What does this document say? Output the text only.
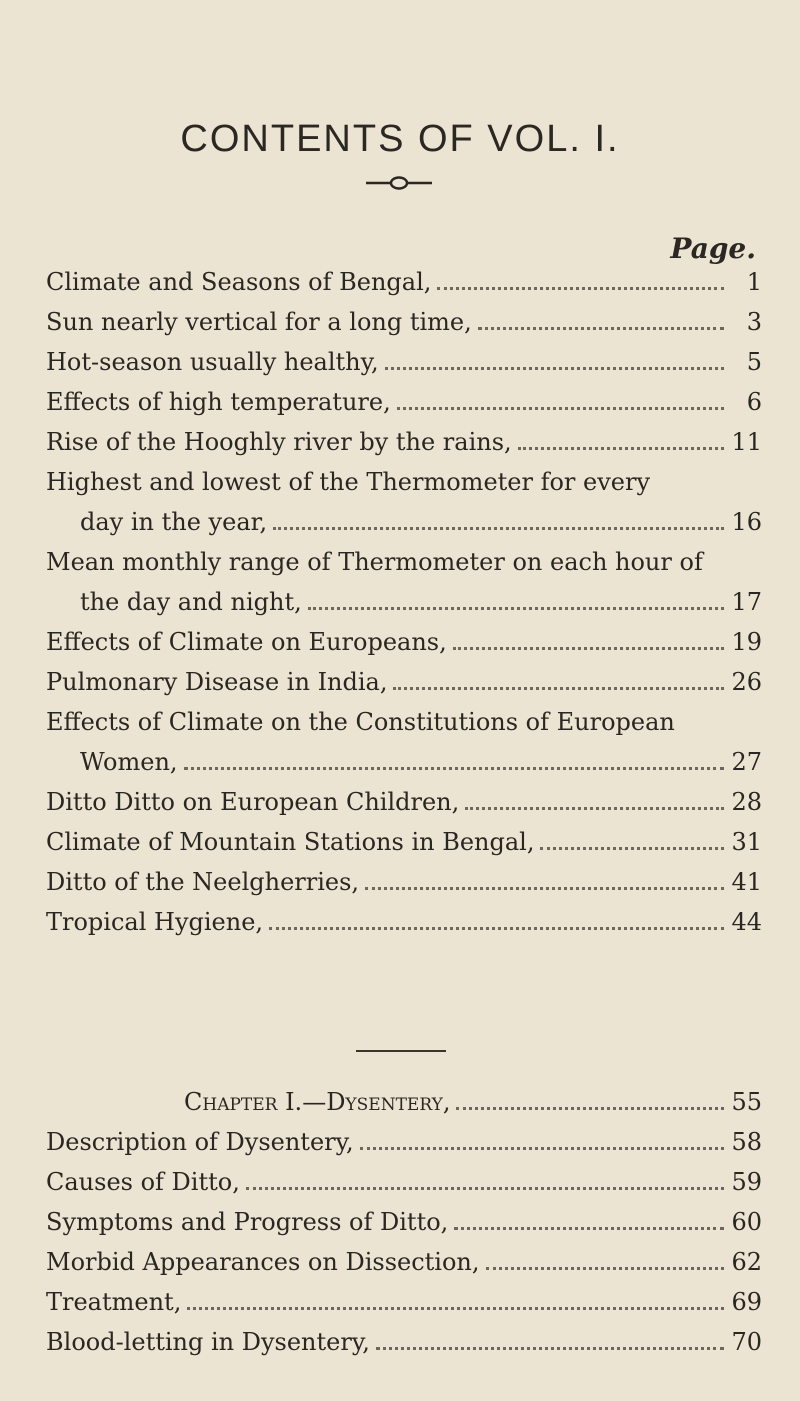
CONTENTS OF VOL. I.
Page.
Climate and Seasons of Bengal,	1
Sun nearly vertical for a long time,	3
Hot-season usually healthy,	5
Effects of high temperature,	6
Rise of the Hooghly river by the rains,	11
Highest and lowest of the Thermometer for every
day in the year,	16
Mean monthly range of Thermometer on each hour of
the day and night,	17
Effects of Climate on Europeans,	19
Pulmonary Disease in India,	26
Effects of Climate on the Constitutions of European
Women,	27
Ditto Ditto on European Children,	28
Climate of Mountain Stations in Bengal,	31
Ditto of the Neelgherries,	41
Tropical Hygiene,	44
Chapter I.—Dysentery,	55
Description of Dysentery,	58
Causes of Ditto,	59
Symptoms and Progress of Ditto,	60
Morbid Appearances on Dissection,	62
Treatment,	69
Blood-letting in Dysentery,	70
